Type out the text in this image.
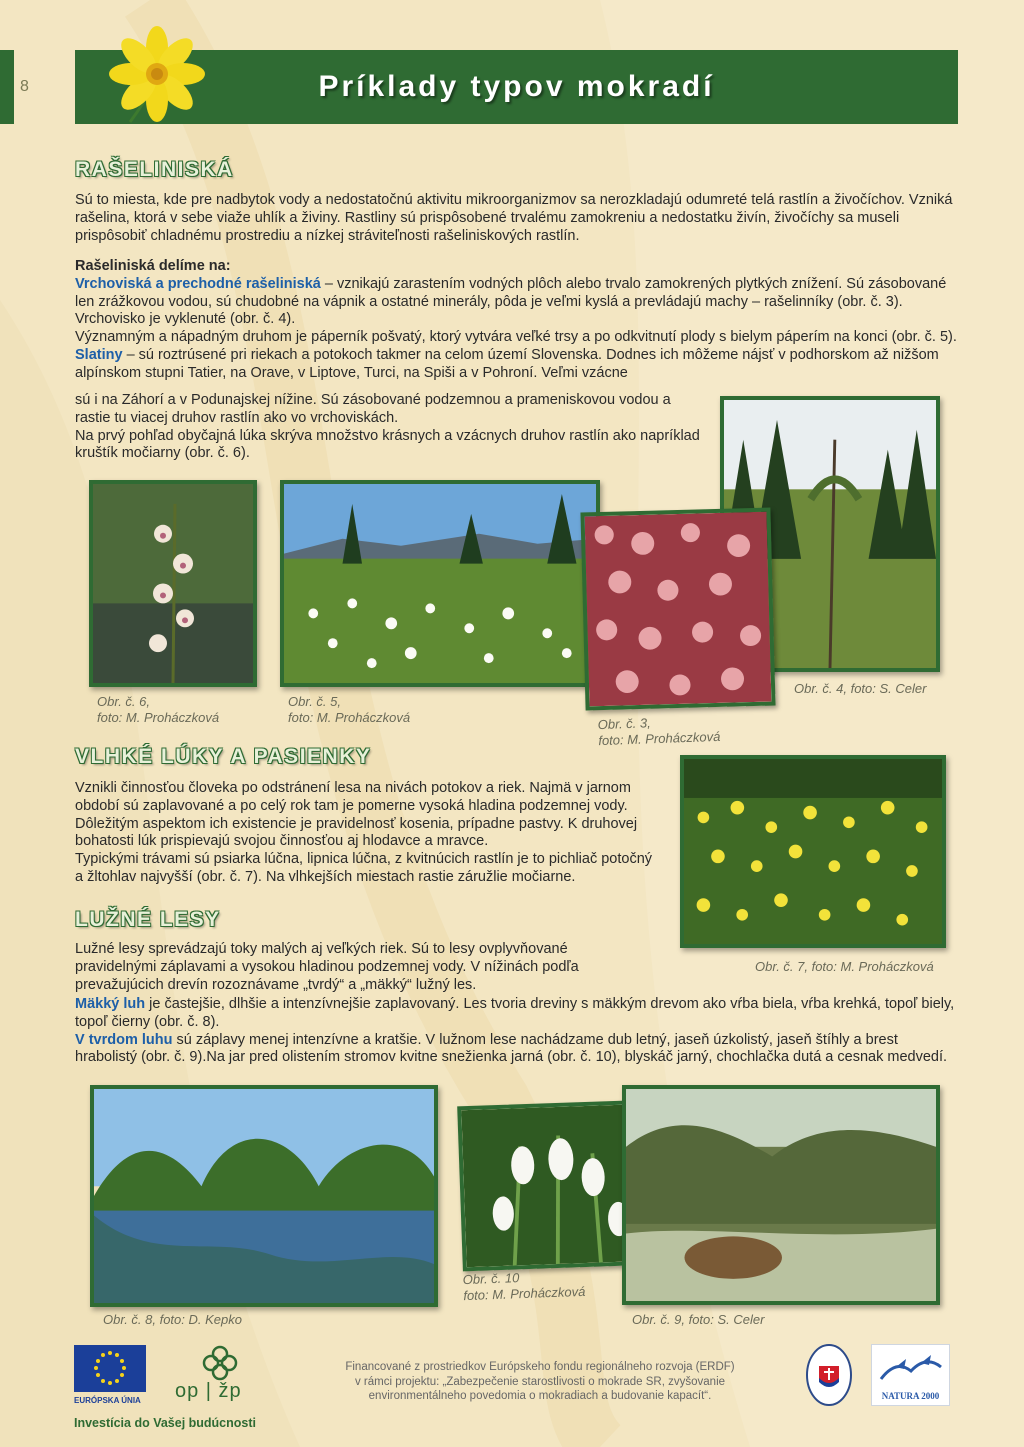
8	Príklady typov mokradí
RAŠELINISKÁ

Sú to miesta, kde pre nadbytok vody a nedostatočnú aktivitu mikroorganizmov sa nerozkladajú odumreté telá rastlín a živočíchov. Vzniká rašelina, ktorá v sebe viaže uhlík a živiny. Rastliny sú prispôsobené trvalému zamokreniu a nedostatku živín, živočíchy sa museli prispôsobiť chladnému prostrediu a nízkej stráviteľnosti rašeliniskových rastlín.

Rašeliniská delíme na:

Vrchoviská a prechodné rašeliniská – vznikajú zarastením vodných plôch alebo trvalo zamokrených plytkých znížení. Sú zásobované len zrážkovou vodou, sú chudobné na vápnik a ostatné minerály, pôda je veľmi kyslá a prevládajú machy – rašelinníky (obr. č. 3). Vrchovisko je vyklenuté (obr. č. 4).

Významným a nápadným druhom je páperník pošvatý, ktorý vytvára veľké trsy a po odkvitnutí plody s bielym páperím na konci (obr. č. 5).

Slatiny – sú roztrúsené pri riekach a potokoch takmer na celom území Slovenska. Dodnes ich môžeme nájsť v podhorskom až nižšom alpínskom stupni Tatier, na Orave, v Liptove, Turci, na Spiši a v Pohroní. Veľmi vzácne

sú i na Záhorí a v Podunajskej nížine. Sú zásobované podzemnou a prameniskovou vodou a rastie tu viacej druhov rastlín ako vo vrchoviskách.

Na prvý pohľad obyčajná lúka skrýva množstvo krásnych a vzácnych druhov rastlín ako napríklad kruštík močiarny (obr. č. 6).

Obr. č. 6,
foto: M. Proháczková
Obr. č. 5,
foto: M. Proháczková	Obr. č. 3,
foto: M. Proháczková
Obr. č. 4, foto: S. Celer
VLHKÉ LÚKY A PASIENKY

Vznikli činnosťou človeka po odstránení lesa na nivách potokov a riek. Najmä v jarnom období sú zaplavované a po celý rok tam je pomerne vysoká hladina podzemnej vody. Dôležitým aspektom ich existencie je pravidelnosť kosenia, prípadne pastvy. K druhovej bohatosti lúk prispievajú svojou činnosťou aj hlodavce a mravce.

Typickými trávami sú psiarka lúčna, lipnica lúčna, z kvitnúcich rastlín je to pichliač potočný a žltohlav najvyšší (obr. č. 7). Na vlhkejších miestach rastie záružlie močiarne.

Obr. č. 7, foto: M. Proháczková
LUŽNÉ LESY

Lužné lesy sprevádzajú toky malých aj veľkých riek. Sú to lesy ovplyvňované pravidelnými záplavami a vysokou hladinou podzemnej vody. V nížinách podľa prevažujúcich drevín rozoznávame „tvrdý“ a „mäkký“ lužný les.

Mäkký luh je častejšie, dlhšie a intenzívnejšie zaplavovaný. Les tvoria dreviny s mäkkým drevom ako vŕba biela, vŕba krehká, topoľ biely, topoľ čierny (obr. č. 8).

V tvrdom luhu sú záplavy menej intenzívne a kratšie. V lužnom lese nachádzame dub letný, jaseň úzkolistý, jaseň štíhly a brest hrabolistý (obr. č. 9).Na jar pred olistením stromov kvitne snežienka jarná (obr. č. 10), blyskáč jarný, chochlačka dutá a cesnak medvedí.

Obr. č. 8, foto: D. Kepko
Obr. č. 10
foto: M. Proháczková
Obr. č. 9, foto: S. Celer
EURÓPSKA ÚNIA op | žp
Investícia do Vašej budúcnosti
Financované z prostriedkov Európskeho fondu regionálneho rozvoja (ERDF)
v rámci projektu: „Zabezpečenie starostlivosti o mokrade SR, zvyšovanie
environmentálneho povedomia o mokradiach a budovanie kapacít“.	NATURA 2000
